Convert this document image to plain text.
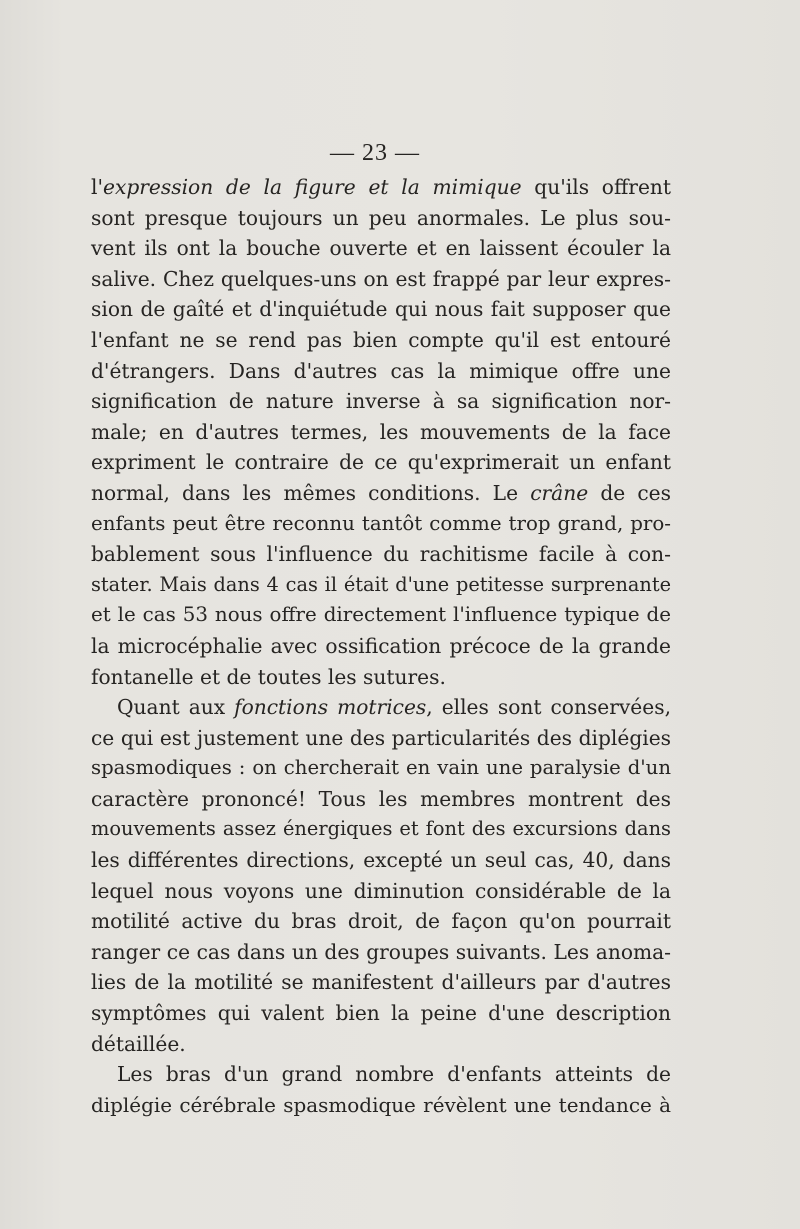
— 23 —
l'expression de la figure et la mimique qu'ils offrent
sont presque toujours un peu anormales. Le plus sou-
vent ils ont la bouche ouverte et en laissent écouler la
salive. Chez quelques-uns on est frappé par leur expres-
sion de gaîté et d'inquiétude qui nous fait supposer que
l'enfant ne se rend pas bien compte qu'il est entouré
d'étrangers. Dans d'autres cas la mimique offre une
signification de nature inverse à sa signification nor-
male; en d'autres termes, les mouvements de la face
expriment le contraire de ce qu'exprimerait un enfant
normal, dans les mêmes conditions. Le crâne de ces
enfants peut être reconnu tantôt comme trop grand, pro-
bablement sous l'influence du rachitisme facile à con-
stater. Mais dans 4 cas il était d'une petitesse surprenante
et le cas 53 nous offre directement l'influence typique de
la microcéphalie avec ossification précoce de la grande
fontanelle et de toutes les sutures.
Quant aux fonctions motrices, elles sont conservées,
ce qui est justement une des particularités des diplégies
spasmodiques : on chercherait en vain une paralysie d'un
caractère prononcé! Tous les membres montrent des
mouvements assez énergiques et font des excursions dans
les différentes directions, excepté un seul cas, 40, dans
lequel nous voyons une diminution considérable de la
motilité active du bras droit, de façon qu'on pourrait
ranger ce cas dans un des groupes suivants. Les anoma-
lies de la motilité se manifestent d'ailleurs par d'autres
symptômes qui valent bien la peine d'une description
détaillée.
Les bras d'un grand nombre d'enfants atteints de
diplégie cérébrale spasmodique révèlent une tendance à
